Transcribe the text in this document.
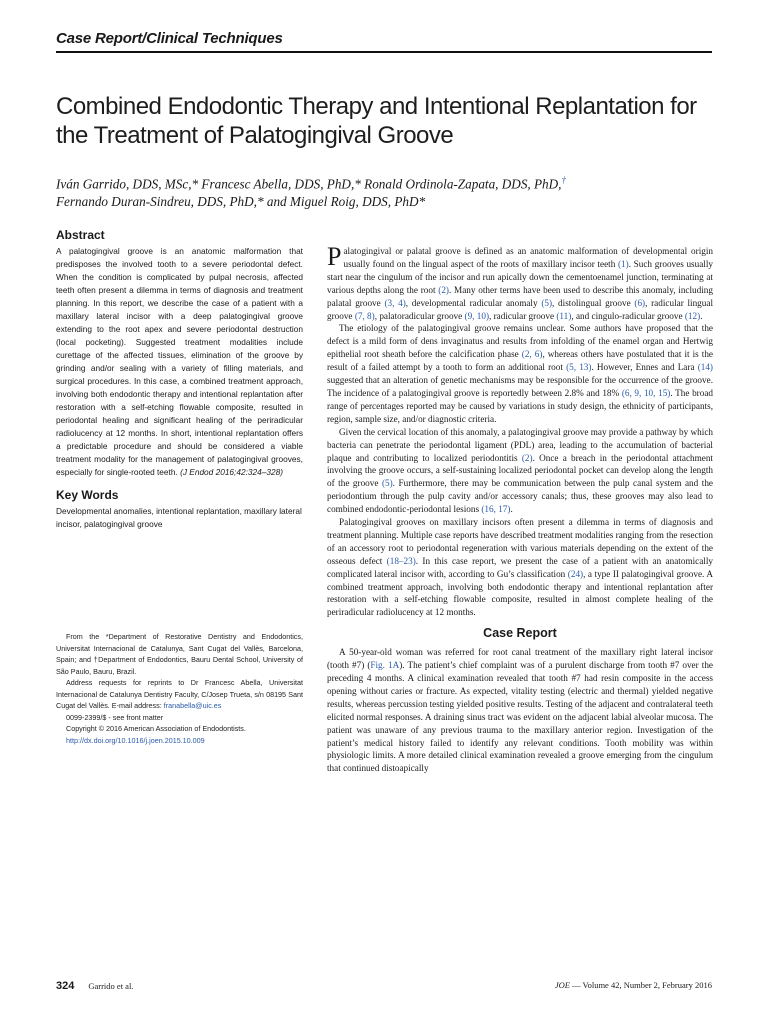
Case Report/Clinical Techniques
Combined Endodontic Therapy and Intentional Replantation for the Treatment of Palatogingival Groove

Iván Garrido, DDS, MSc,* Francesc Abella, DDS, PhD,* Ronald Ordinola-Zapata, DDS, PhD,†
Fernando Duran-Sindreu, DDS, PhD,* and Miguel Roig, DDS, PhD*

Abstract

A palatogingival groove is an anatomic malformation that predisposes the involved tooth to a severe periodontal defect. When the condition is complicated by pulpal necrosis, affected teeth often present a dilemma in terms of diagnosis and treatment planning. In this report, we describe the case of a patient with a maxillary lateral incisor with a deep palatogingival groove extending to the root apex and severe periodontal destruction (local pocketing). Suggested treatment modalities include curettage of the affected tissues, elimination of the groove by grinding and/or sealing with a variety of filling materials, and surgical procedures. In this case, a combined treatment approach, involving both endodontic therapy and intentional replantation after restoration with a self-etching flowable composite, resulted in periodontal healing and significant healing of the periradicular radiolucency at 12 months. In short, intentional replantation offers a predictable procedure and should be considered a viable treatment modality for the management of palatogingival grooves, especially for single-rooted teeth. (J Endod 2016;42:324–328)

Key Words

Developmental anomalies, intentional replantation, maxillary lateral incisor, palatogingival groove

From the *Department of Restorative Dentistry and Endodontics, Universitat Internacional de Catalunya, Sant Cugat del Vallès, Barcelona, Spain; and †Department of Endodontics, Bauru Dental School, University of São Paulo, Bauru, Brazil.

Address requests for reprints to Dr Francesc Abella, Universitat Internacional de Catalunya Dentistry Faculty, C/Josep Trueta, s/n 08195 Sant Cugat del Vallès. E-mail address: franabella@uic.es

0099-2399/$ - see front matter

Copyright © 2016 American Association of Endodontists.

http://dx.doi.org/10.1016/j.joen.2015.10.009

Palatogingival or palatal groove is defined as an anatomic malformation of developmental origin usually found on the lingual aspect of the roots of maxillary incisor teeth (1). Such grooves usually start near the cingulum of the incisor and run apically down the cementoenamel junction, terminating at various depths along the root (2). Many other terms have been used to describe this anomaly, including palatal groove (3, 4), developmental radicular anomaly (5), distolingual groove (6), radicular lingual groove (7, 8), palatoradicular groove (9, 10), radicular groove (11), and cingulo-radicular groove (12).

The etiology of the palatogingival groove remains unclear. Some authors have proposed that the defect is a mild form of dens invaginatus and results from infolding of the enamel organ and Hertwig epithelial root sheath before the calcification phase (2, 6), whereas others have postulated that it is the result of a failed attempt by a tooth to form an additional root (5, 13). However, Ennes and Lara (14) suggested that an alteration of genetic mechanisms may be responsible for the occurrence of the groove. The incidence of a palatogingival groove is reportedly between 2.8% and 18% (6, 9, 10, 15). The broad range of percentages reported may be caused by variations in study design, the ethnicity of participants, region, sample size, and/or diagnostic criteria.

Given the cervical location of this anomaly, a palatogingival groove may provide a pathway by which bacteria can penetrate the periodontal ligament (PDL) area, leading to the accumulation of bacterial plaque and contributing to localized periodontitis (2). Once a breach in the periodontal attachment involving the groove occurs, a self-sustaining localized periodontal pocket can develop along the length of the groove (5). Furthermore, there may be communication between the pulp canal system and the periodontium through the pulp cavity and/or accessory canals; thus, these grooves may also lead to combined endodontic-periodontal lesions (16, 17).

Palatogingival grooves on maxillary incisors often present a dilemma in terms of diagnosis and treatment planning. Multiple case reports have described treatment modalities ranging from the resection of an accessory root to periodontal regeneration with various materials depending on the extent of the osseous defect (18–23). In this case report, we present the case of a patient with an anatomically complicated lateral incisor with, according to Gu’s classification (24), a type II palatogingival groove. A combined treatment approach, involving both endodontic therapy and intentional replantation after restoration with a self-etching flowable composite, resulted in almost complete healing of the periradicular radiolucency at 12 months.

Case Report

A 50-year-old woman was referred for root canal treatment of the maxillary right lateral incisor (tooth #7) (Fig. 1A). The patient’s chief complaint was of a purulent discharge from tooth #7 over the preceding 4 months. A clinical examination revealed that tooth #7 had resin composite in the access opening without caries or fracture. As expected, vitality testing (electric and thermal) yielded negative results, whereas percussion testing yielded positive results. Testing of the adjacent and contralateral teeth elicited normal responses. A draining sinus tract was evident on the adjacent labial alveolar mucosa. The patient was unaware of any previous trauma to the maxillary anterior region. Investigation of the patient’s medical history failed to identify any relevant conditions. Tooth mobility was within physiologic limits. A more detailed clinical examination revealed a groove emerging from the cingulum that continued distoapically

324 Garrido et al.	JOE — Volume 42, Number 2, February 2016
